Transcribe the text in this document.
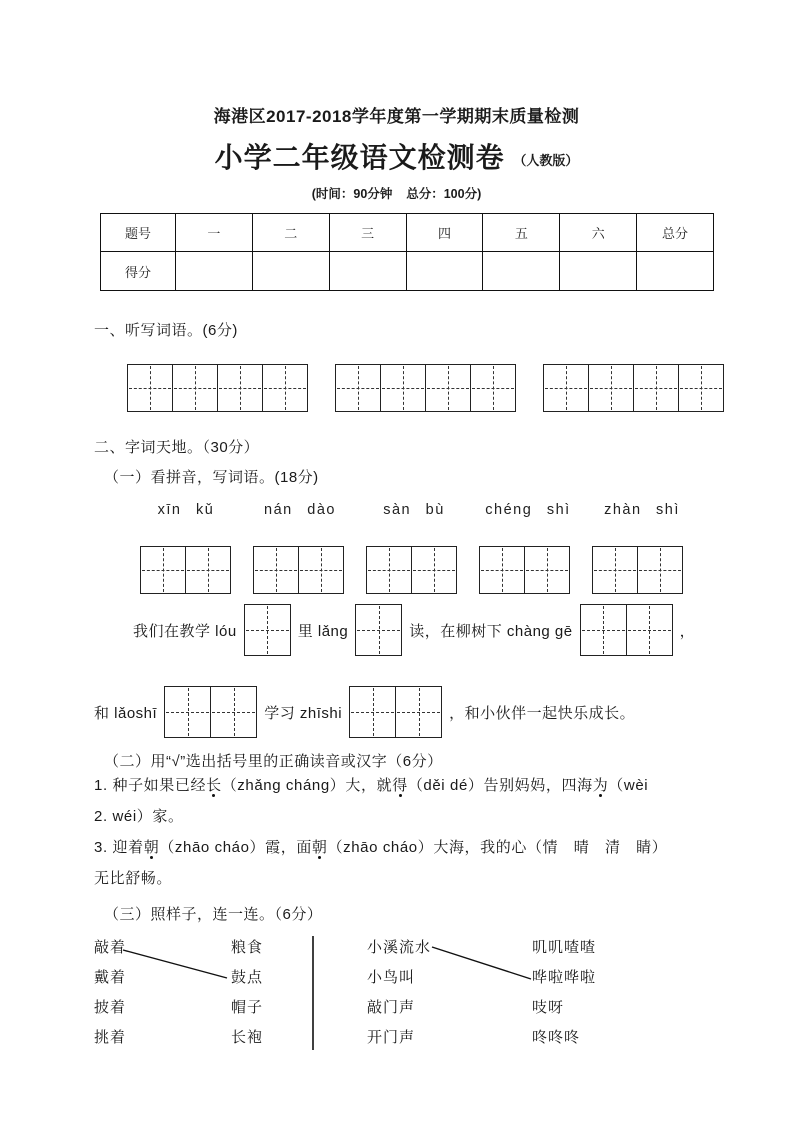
海港区2017-2018学年度第一学期期末质量检测
小学二年级语文检测卷 （人教版）
(时间：90分钟    总分：100分)
题号	一	二	三	四	五	六	总分
得分
一、听写词语。(6分)
二、字词天地。（30分）
（一）看拼音，写词语。(18分)
xīn kǔ	nán dào	sàn bù	chéng shì	zhàn shì
我们在教学 lóu	里 lǎng	读，在柳树下 chàng gē	，
和 lǎoshī	学习 zhīshi	，和小伙伴一起快乐成长。
（二）用“√”选出括号里的正确读音或汉字（6分）
1. 种子如果已经长（zhǎng cháng）大，就得（děi dé）告别妈妈，四海为（wèi
2. wéi）家。
3. 迎着朝（zhāo cháo）霞，面朝（zhāo cháo）大海，我的心（情　晴　清　睛）
无比舒畅。
（三）照样子，连一连。（6分）
敲着
戴着
披着
挑着
粮食
鼓点
帽子
长袍
小溪流水
小鸟叫
敲门声
开门声
叽叽喳喳
哗啦哗啦
吱呀
咚咚咚
